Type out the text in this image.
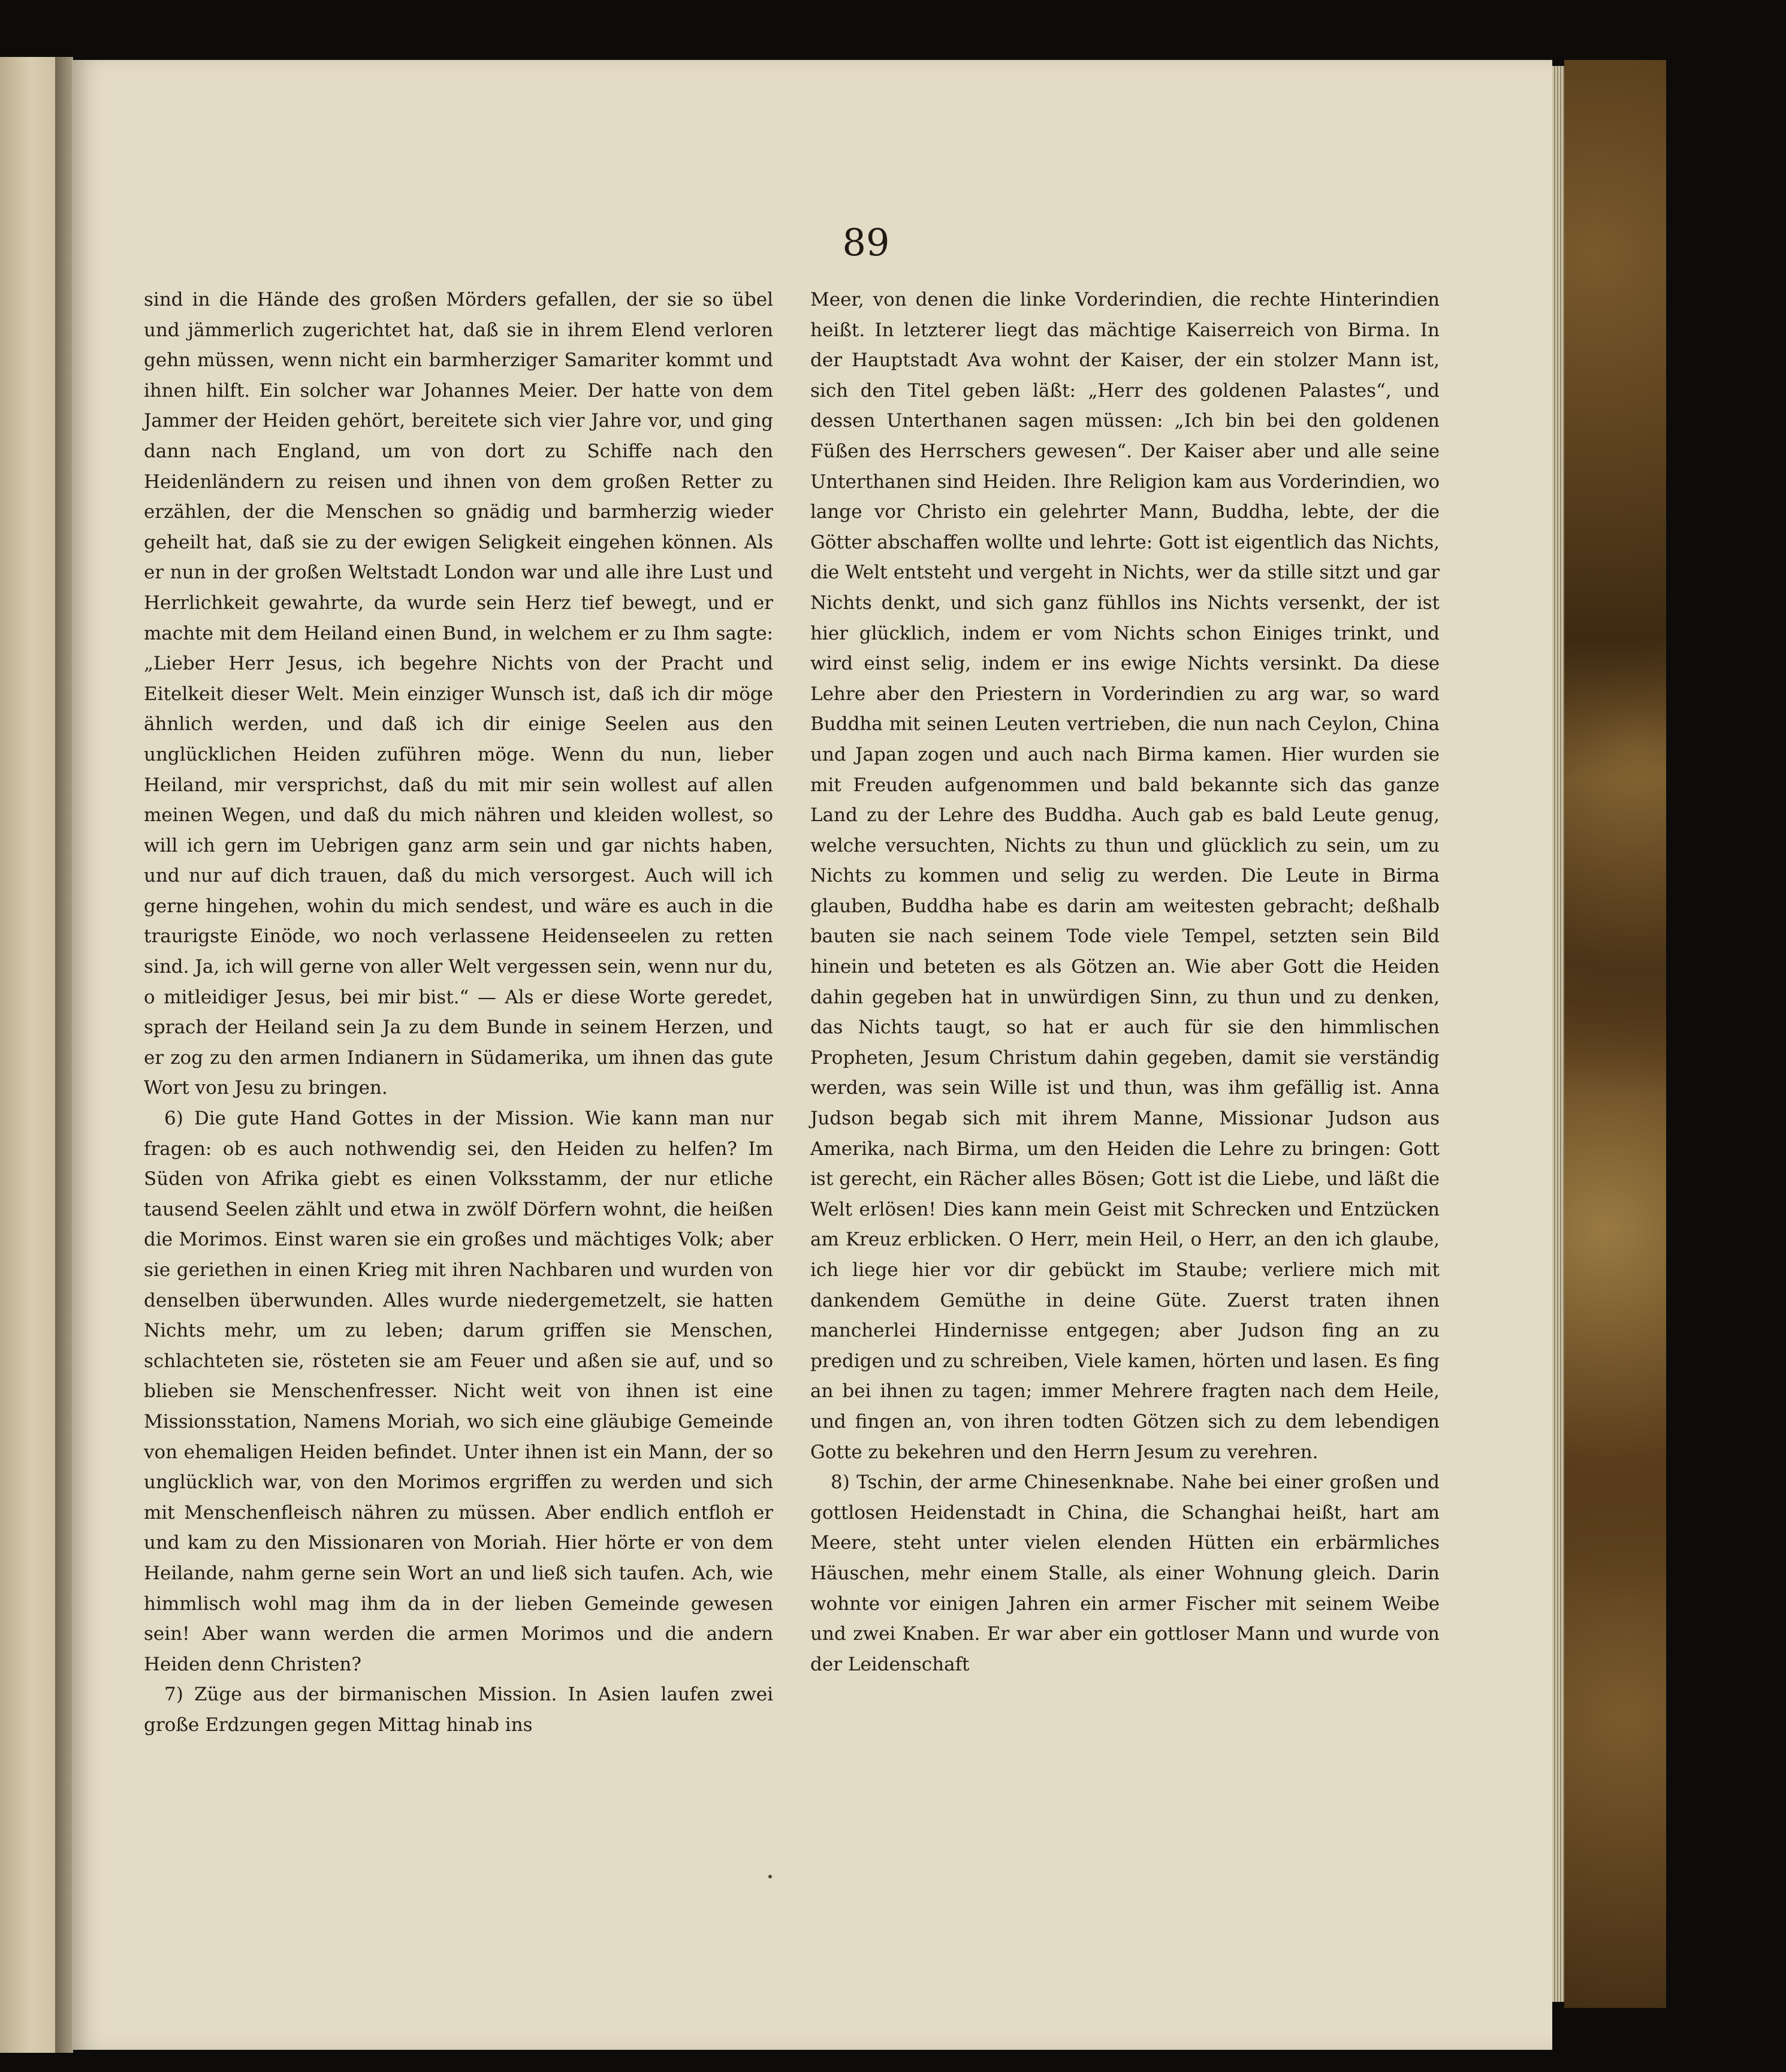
89

sind in die Hände des großen Mörders gefallen, der sie so übel und jämmerlich zugerichtet hat, daß sie in ihrem Elend verloren gehn müssen, wenn nicht ein barmherziger Samariter kommt und ihnen hilft. Ein solcher war Johannes Meier. Der hatte von dem Jammer der Heiden gehört, bereitete sich vier Jahre vor, und ging dann nach England, um von dort zu Schiffe nach den Heidenländern zu reisen und ihnen von dem großen Retter zu erzählen, der die Menschen so gnädig und barmherzig wieder geheilt hat, daß sie zu der ewigen Seligkeit eingehen können. Als er nun in der großen Weltstadt London war und alle ihre Lust und Herrlichkeit gewahrte, da wurde sein Herz tief bewegt, und er machte mit dem Heiland einen Bund, in welchem er zu Ihm sagte: „Lieber Herr Jesus, ich begehre Nichts von der Pracht und Eitelkeit dieser Welt. Mein einziger Wunsch ist, daß ich dir möge ähnlich werden, und daß ich dir einige Seelen aus den unglücklichen Heiden zuführen möge. Wenn du nun, lieber Heiland, mir versprichst, daß du mit mir sein wollest auf allen meinen Wegen, und daß du mich nähren und kleiden wollest, so will ich gern im Uebrigen ganz arm sein und gar nichts haben, und nur auf dich trauen, daß du mich versorgest. Auch will ich gerne hingehen, wohin du mich sendest, und wäre es auch in die traurigste Einöde, wo noch verlassene Heidenseelen zu retten sind. Ja, ich will gerne von aller Welt vergessen sein, wenn nur du, o mitleidiger Jesus, bei mir bist.“ — Als er diese Worte geredet, sprach der Heiland sein Ja zu dem Bunde in seinem Herzen, und er zog zu den armen Indianern in Südamerika, um ihnen das gute Wort von Jesu zu bringen.

6) Die gute Hand Gottes in der Mission. Wie kann man nur fragen: ob es auch nothwendig sei, den Heiden zu helfen? Im Süden von Afrika giebt es einen Volksstamm, der nur etliche tausend Seelen zählt und etwa in zwölf Dörfern wohnt, die heißen die Morimos. Einst waren sie ein großes und mächtiges Volk; aber sie geriethen in einen Krieg mit ihren Nachbaren und wurden von denselben überwunden. Alles wurde niedergemetzelt, sie hatten Nichts mehr, um zu leben; darum griffen sie Menschen, schlachteten sie, rösteten sie am Feuer und aßen sie auf, und so blieben sie Menschenfresser. Nicht weit von ihnen ist eine Missionsstation, Namens Moriah, wo sich eine gläubige Gemeinde von ehemaligen Heiden befindet. Unter ihnen ist ein Mann, der so unglücklich war, von den Morimos ergriffen zu werden und sich mit Menschenfleisch nähren zu müssen. Aber endlich entfloh er und kam zu den Missionaren von Moriah. Hier hörte er von dem Heilande, nahm gerne sein Wort an und ließ sich taufen. Ach, wie himmlisch wohl mag ihm da in der lieben Gemeinde gewesen sein! Aber wann werden die armen Morimos und die andern Heiden denn Christen?

7) Züge aus der birmanischen Mission. In Asien laufen zwei große Erdzungen gegen Mittag hinab ins

Meer, von denen die linke Vorderindien, die rechte Hinterindien heißt. In letzterer liegt das mächtige Kaiserreich von Birma. In der Hauptstadt Ava wohnt der Kaiser, der ein stolzer Mann ist, sich den Titel geben läßt: „Herr des goldenen Palastes“, und dessen Unterthanen sagen müssen: „Ich bin bei den goldenen Füßen des Herrschers gewesen“. Der Kaiser aber und alle seine Unterthanen sind Heiden. Ihre Religion kam aus Vorderindien, wo lange vor Christo ein gelehrter Mann, Buddha, lebte, der die Götter abschaffen wollte und lehrte: Gott ist eigentlich das Nichts, die Welt entsteht und vergeht in Nichts, wer da stille sitzt und gar Nichts denkt, und sich ganz fühllos ins Nichts versenkt, der ist hier glücklich, indem er vom Nichts schon Einiges trinkt, und wird einst selig, indem er ins ewige Nichts versinkt. Da diese Lehre aber den Priestern in Vorderindien zu arg war, so ward Buddha mit seinen Leuten vertrieben, die nun nach Ceylon, China und Japan zogen und auch nach Birma kamen. Hier wurden sie mit Freuden aufgenommen und bald bekannte sich das ganze Land zu der Lehre des Buddha. Auch gab es bald Leute genug, welche versuchten, Nichts zu thun und glücklich zu sein, um zu Nichts zu kommen und selig zu werden. Die Leute in Birma glauben, Buddha habe es darin am weitesten gebracht; deßhalb bauten sie nach seinem Tode viele Tempel, setzten sein Bild hinein und beteten es als Götzen an. Wie aber Gott die Heiden dahin gegeben hat in unwürdigen Sinn, zu thun und zu denken, das Nichts taugt, so hat er auch für sie den himmlischen Propheten, Jesum Christum dahin gegeben, damit sie verständig werden, was sein Wille ist und thun, was ihm gefällig ist. Anna Judson begab sich mit ihrem Manne, Missionar Judson aus Amerika, nach Birma, um den Heiden die Lehre zu bringen: Gott ist gerecht, ein Rächer alles Bösen; Gott ist die Liebe, und läßt die Welt erlösen! Dies kann mein Geist mit Schrecken und Entzücken am Kreuz erblicken. O Herr, mein Heil, o Herr, an den ich glaube, ich liege hier vor dir gebückt im Staube; verliere mich mit dankendem Gemüthe in deine Güte. Zuerst traten ihnen mancherlei Hindernisse entgegen; aber Judson fing an zu predigen und zu schreiben, Viele kamen, hörten und lasen. Es fing an bei ihnen zu tagen; immer Mehrere fragten nach dem Heile, und fingen an, von ihren todten Götzen sich zu dem lebendigen Gotte zu bekehren und den Herrn Jesum zu verehren.

8) Tschin, der arme Chinesenknabe. Nahe bei einer großen und gottlosen Heidenstadt in China, die Schanghai heißt, hart am Meere, steht unter vielen elenden Hütten ein erbärmliches Häuschen, mehr einem Stalle, als einer Wohnung gleich. Darin wohnte vor einigen Jahren ein armer Fischer mit seinem Weibe und zwei Knaben. Er war aber ein gottloser Mann und wurde von der Leidenschaft
